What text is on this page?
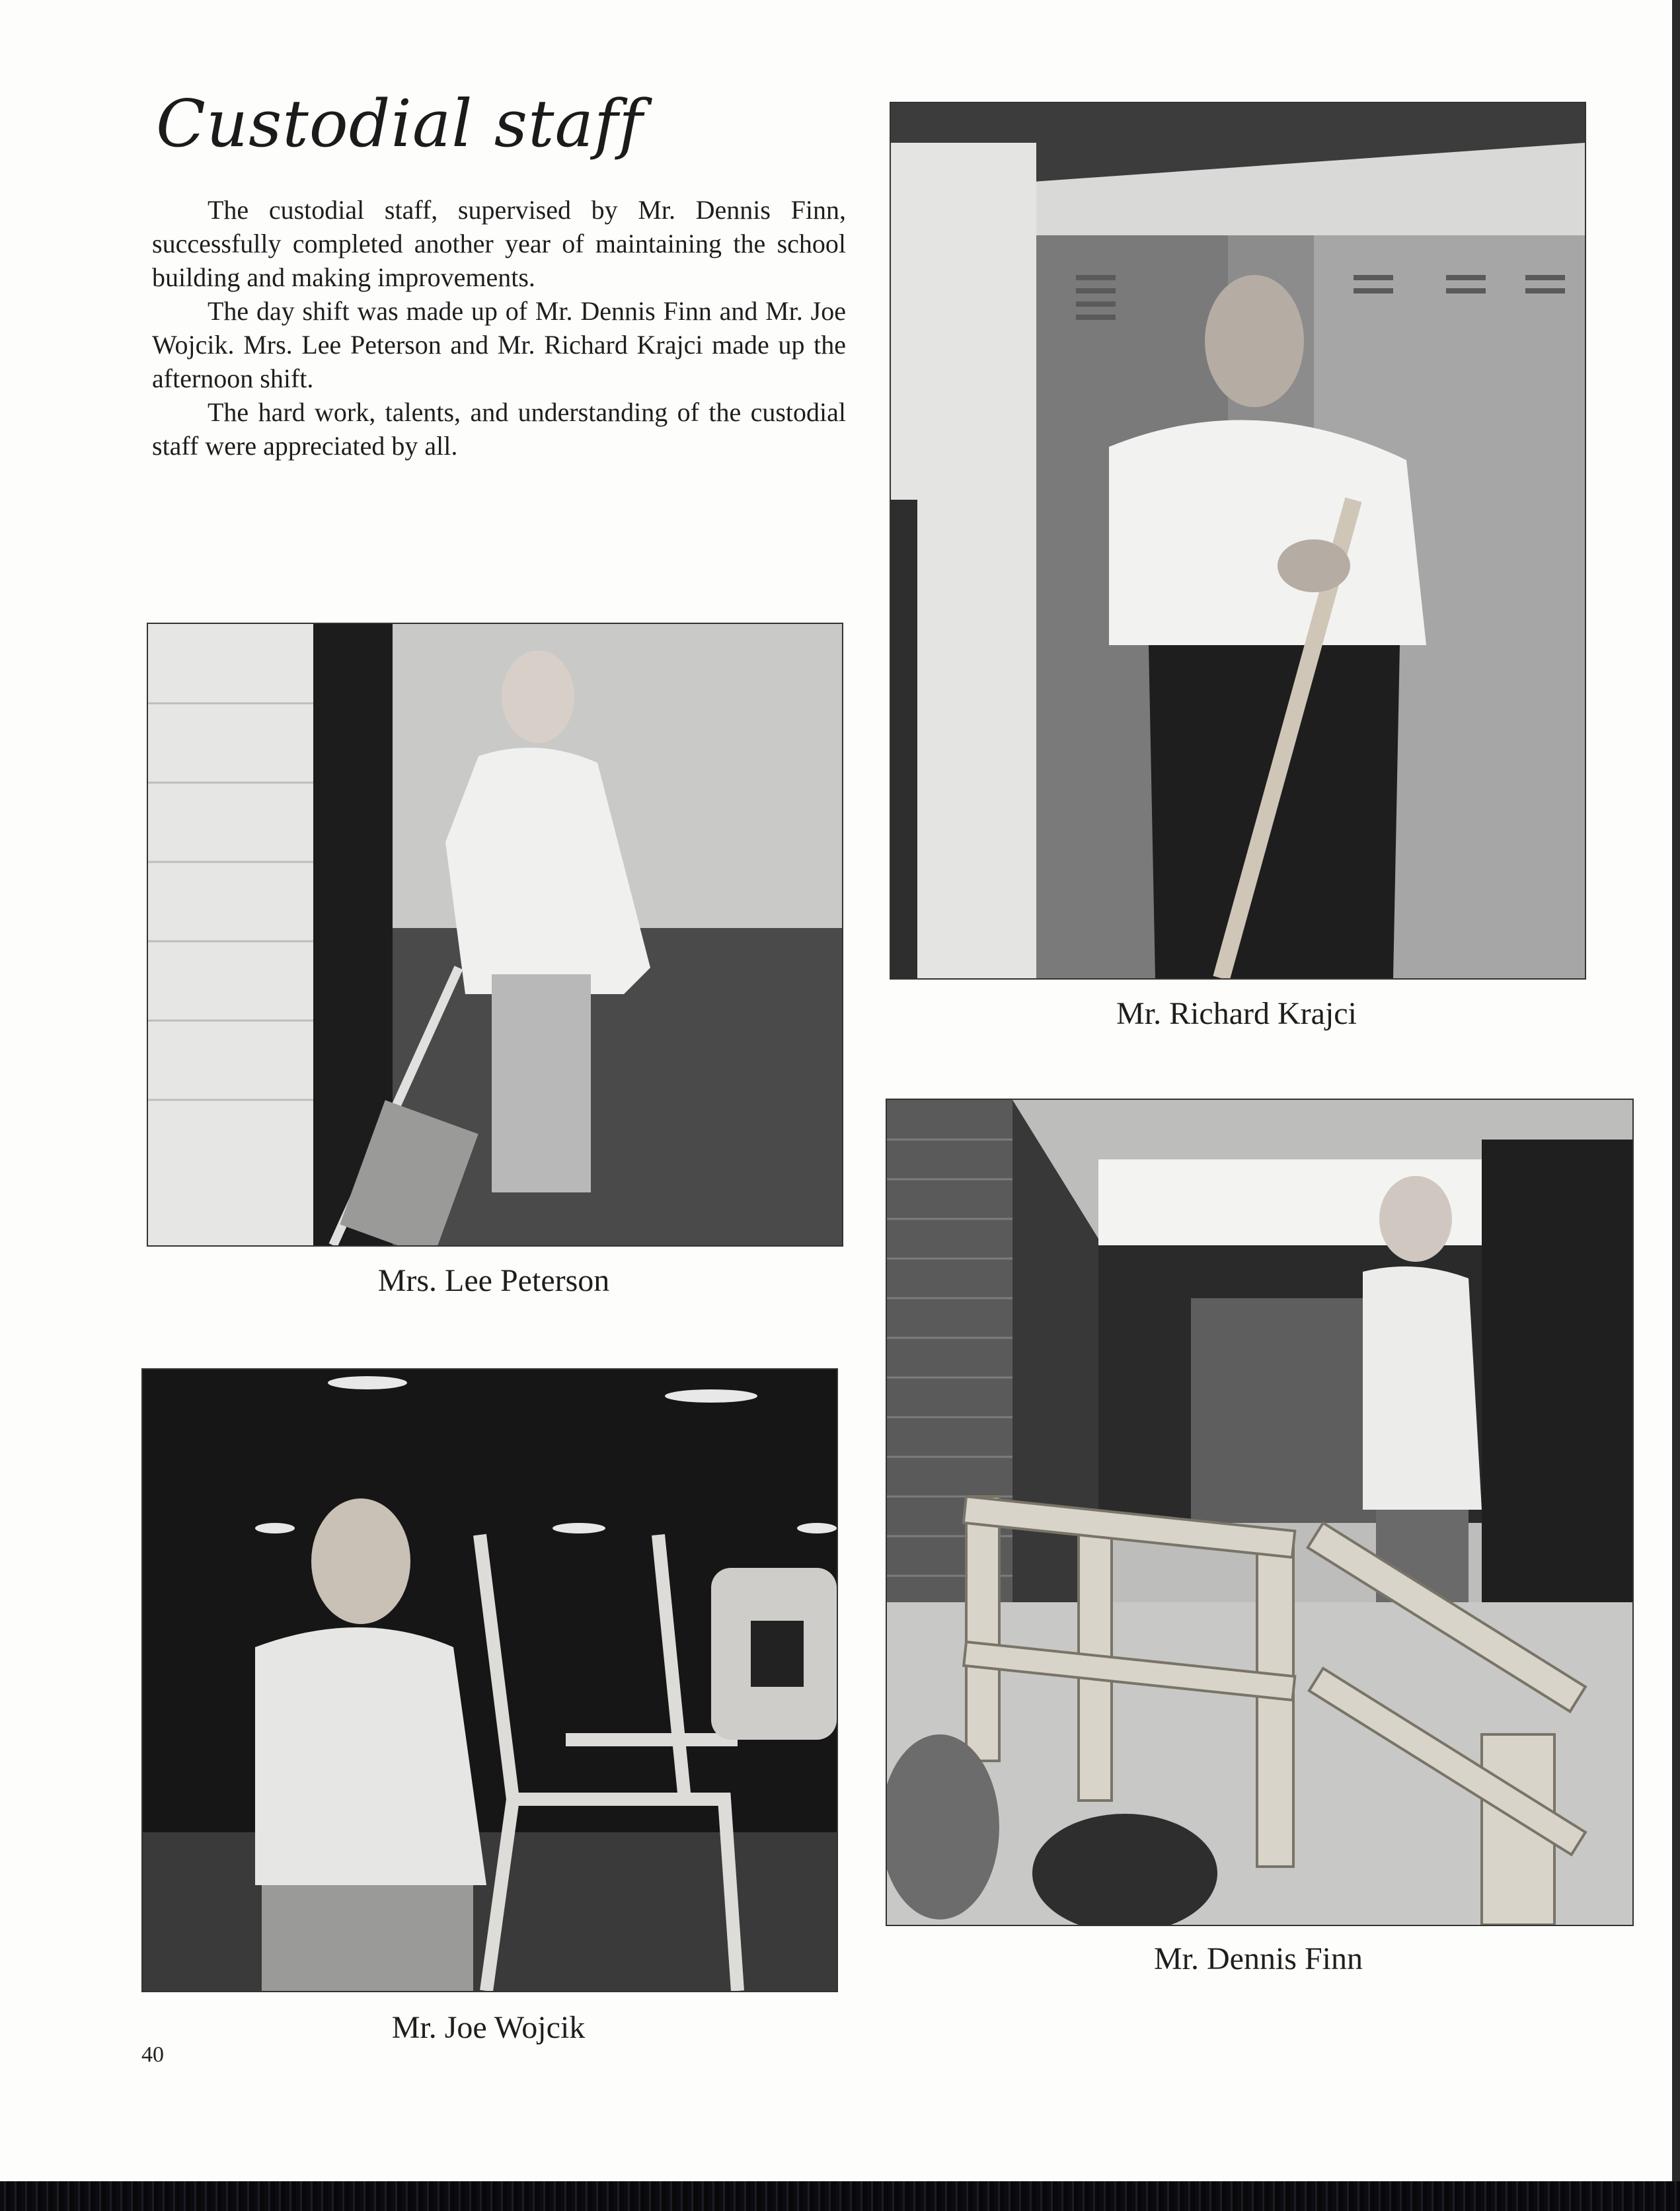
Custodial staff

The custodial staff, supervised by Mr. Dennis Finn, successfully completed another year of maintaining the school building and making improvements.

The day shift was made up of Mr. Dennis Finn and Mr. Joe Wojcik. Mrs. Lee Peterson and Mr. Richard Krajci made up the afternoon shift.

The hard work, talents, and understanding of the custodial staff were appreciated by all.

Mr. Richard Krajci

Mrs. Lee Peterson

Mr. Dennis Finn

Mr. Joe Wojcik

40
